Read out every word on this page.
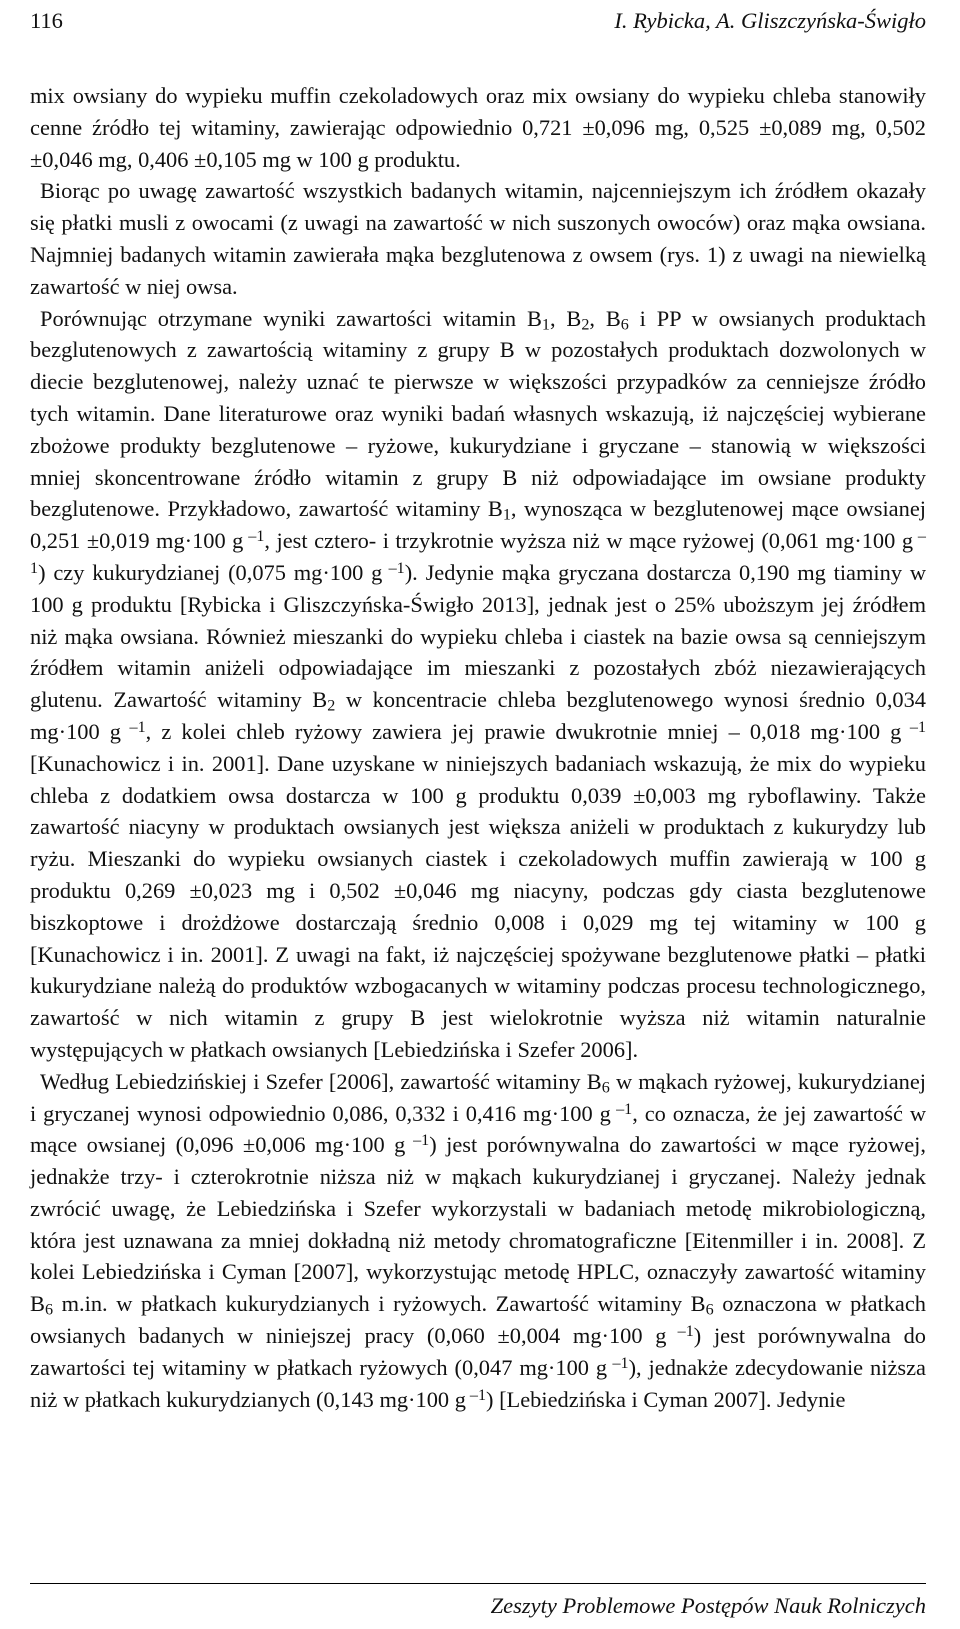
116	I. Rybicka, A. Gliszczyńska-Świgło

mix owsiany do wypieku muffin czekoladowych oraz mix owsiany do wypieku chleba stanowiły cenne źródło tej witaminy, zawierając odpowiednio 0,721 ±0,096 mg, 0,525 ±0,089 mg, 0,502 ±0,046 mg, 0,406 ±0,105 mg w 100 g produktu.

Biorąc po uwagę zawartość wszystkich badanych witamin, najcenniejszym ich źródłem okazały się płatki musli z owocami (z uwagi na zawartość w nich suszonych owoców) oraz mąka owsiana. Najmniej badanych witamin zawierała mąka bezglutenowa z owsem (rys. 1) z uwagi na niewielką zawartość w niej owsa.

Porównując otrzymane wyniki zawartości witamin $B_1$, $B_2$, $B_6$ i PP w owsianych produktach bezglutenowych z zawartością witaminy z grupy B w pozostałych produktach dozwolonych w diecie bezglutenowej, należy uznać te pierwsze w większości przypadków za cenniejsze źródło tych witamin. Dane literaturowe oraz wyniki badań własnych wskazują, iż najczęściej wybierane zbożowe produkty bezglutenowe – ryżowe, kukurydziane i gryczane – stanowią w większości mniej skoncentrowane źródło witamin z grupy B niż odpowiadające im owsiane produkty bezglutenowe. Przykładowo, zawartość witaminy $B_1$, wynosząca w bezglutenowej mące owsianej 0,251 ±0,019 mg·100 g $^{-1}$, jest cztero- i trzykrotnie wyższa niż w mące ryżowej (0,061 mg·100 g $^{-1}$) czy kukurydzianej (0,075 mg·100 g $^{-1}$). Jedynie mąka gryczana dostarcza 0,190 mg tiaminy w 100 g produktu [Rybicka i Gliszczyńska-Świgło 2013], jednak jest o 25% uboższym jej źródłem niż mąka owsiana. Również mieszanki do wypieku chleba i ciastek na bazie owsa są cenniejszym źródłem witamin aniżeli odpowiadające im mieszanki z pozostałych zbóż niezawierających glutenu. Zawartość witaminy $B_2$ w koncentracie chleba bezglutenowego wynosi średnio 0,034 mg·100 g $^{-1}$, z kolei chleb ryżowy zawiera jej prawie dwukrotnie mniej – 0,018 mg·100 g $^{-1}$ [Kunachowicz i in. 2001]. Dane uzyskane w niniejszych badaniach wskazują, że mix do wypieku chleba z dodatkiem owsa dostarcza w 100 g produktu 0,039 ±0,003 mg ryboflawiny. Także zawartość niacyny w produktach owsianych jest większa aniżeli w produktach z kukurydzy lub ryżu. Mieszanki do wypieku owsianych ciastek i czekoladowych muffin zawierają w 100 g produktu 0,269 ±0,023 mg i 0,502 ±0,046 mg niacyny, podczas gdy ciasta bezglutenowe biszkoptowe i drożdżowe dostarczają średnio 0,008 i 0,029 mg tej witaminy w 100 g [Kunachowicz i in. 2001]. Z uwagi na fakt, iż najczęściej spożywane bezglutenowe płatki – płatki kukurydziane należą do produktów wzbogacanych w witaminy podczas procesu technologicznego, zawartość w nich witamin z grupy B jest wielokrotnie wyższa niż witamin naturalnie występujących w płatkach owsianych [Lebiedzińska i Szefer 2006].

Według Lebiedzińskiej i Szefer [2006], zawartość witaminy $B_6$ w mąkach ryżowej, kukurydzianej i gryczanej wynosi odpowiednio 0,086, 0,332 i 0,416 mg·100 g $^{-1}$, co oznacza, że jej zawartość w mące owsianej (0,096 ±0,006 mg·100 g $^{-1}$) jest porównywalna do zawartości w mące ryżowej, jednakże trzy- i czterokrotnie niższa niż w mąkach kukurydzianej i gryczanej. Należy jednak zwrócić uwagę, że Lebiedzińska i Szefer wykorzystali w badaniach metodę mikrobiologiczną, która jest uznawana za mniej dokładną niż metody chromatograficzne [Eitenmiller i in. 2008]. Z kolei Lebiedzińska i Cyman [2007], wykorzystując metodę HPLC, oznaczyły zawartość witaminy $B_6$ m.in. w płatkach kukurydzianych i ryżowych. Zawartość witaminy $B_6$ oznaczona w płatkach owsianych badanych w niniejszej pracy (0,060 ±0,004 mg·100 g $^{-1}$) jest porównywalna do zawartości tej witaminy w płatkach ryżowych (0,047 mg·100 g $^{-1}$), jednakże zdecydowanie niższa niż w płatkach kukurydzianych (0,143 mg·100 g $^{-1}$) [Lebiedzińska i Cyman 2007]. Jedynie

Zeszyty Problemowe Postępów Nauk Rolniczych
